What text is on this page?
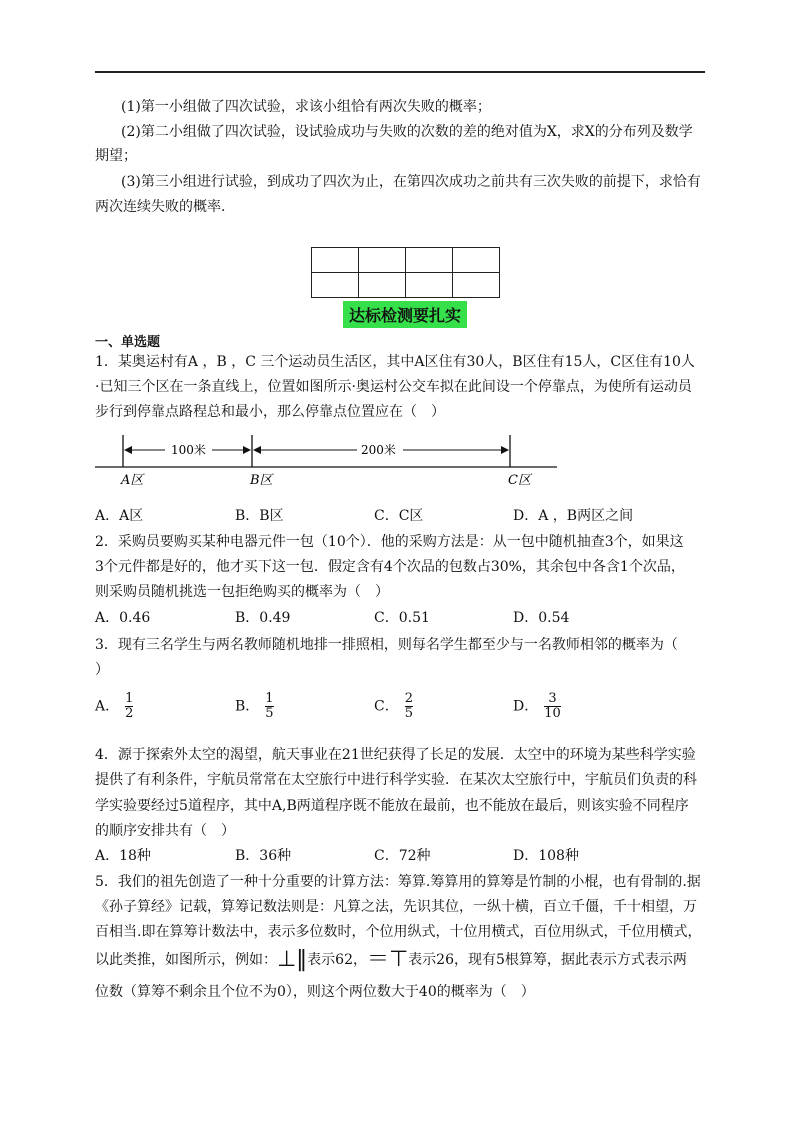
(1)第一小组做了四次试验，求该小组恰有两次失败的概率；
(2)第二小组做了四次试验，设试验成功与失败的次数的差的绝对值为X，求X的分布列及数学
期望；
(3)第三小组进行试验，到成功了四次为止，在第四次成功之前共有三次失败的前提下，求恰有
两次连续失败的概率.

达标检测要扎实
一、单选题
1．某奥运村有A ，B ，C 三个运动员生活区，其中A区住有30人，B区住有15人，C区住有10人
·已知三个区在一条直线上，位置如图所示·奥运村公交车拟在此间设一个停靠点，为使所有运动员
步行到停靠点路程总和最小，那么停靠点位置应在（　）
100米	200米
A区	B区	C区
A．A区	B．B区	C．C区	D．A ，B两区之间
2．采购员要购买某种电器元件一包（10个）．他的采购方法是：从一包中随机抽查3个，如果这
3个元件都是好的，他才买下这一包．假定含有4个次品的包数占30%，其余包中各含1个次品，
则采购员随机挑选一包拒绝购买的概率为（　）
A．0.46	B．0.49	C．0.51	D．0.54
3．现有三名学生与两名教师随机地排一排照相，则每名学生都至少与一名教师相邻的概率为（
）
A． $\frac{1}{2}$	B． $\frac{1}{5}$	C． $\frac{2}{5}$	D． $\frac{3}{10}$
4．源于探索外太空的渴望，航天事业在21世纪获得了长足的发展．太空中的环境为某些科学实验
提供了有利条件，宇航员常常在太空旅行中进行科学实验．在某次太空旅行中，宇航员们负责的科
学实验要经过5道程序，其中A,B两道程序既不能放在最前，也不能放在最后，则该实验不同程序
的顺序安排共有（　）
A．18种	B．36种	C．72种	D．108种
5．我们的祖先创造了一种十分重要的计算方法：筹算.筹算用的算筹是竹制的小棍，也有骨制的.据
《孙子算经》记载，算筹记数法则是：凡算之法，先识其位，一纵十横，百立千僵，千十相望，万
百相当.即在算筹计数法中，表示多位数时，个位用纵式，十位用横式，百位用纵式，千位用横式，
以此类推，如图所示，例如：⊥‖表示62，＝⊤表示26，现有5根算筹，据此表示方式表示两
位数（算筹不剩余且个位不为0），则这个两位数大于40的概率为（　）
